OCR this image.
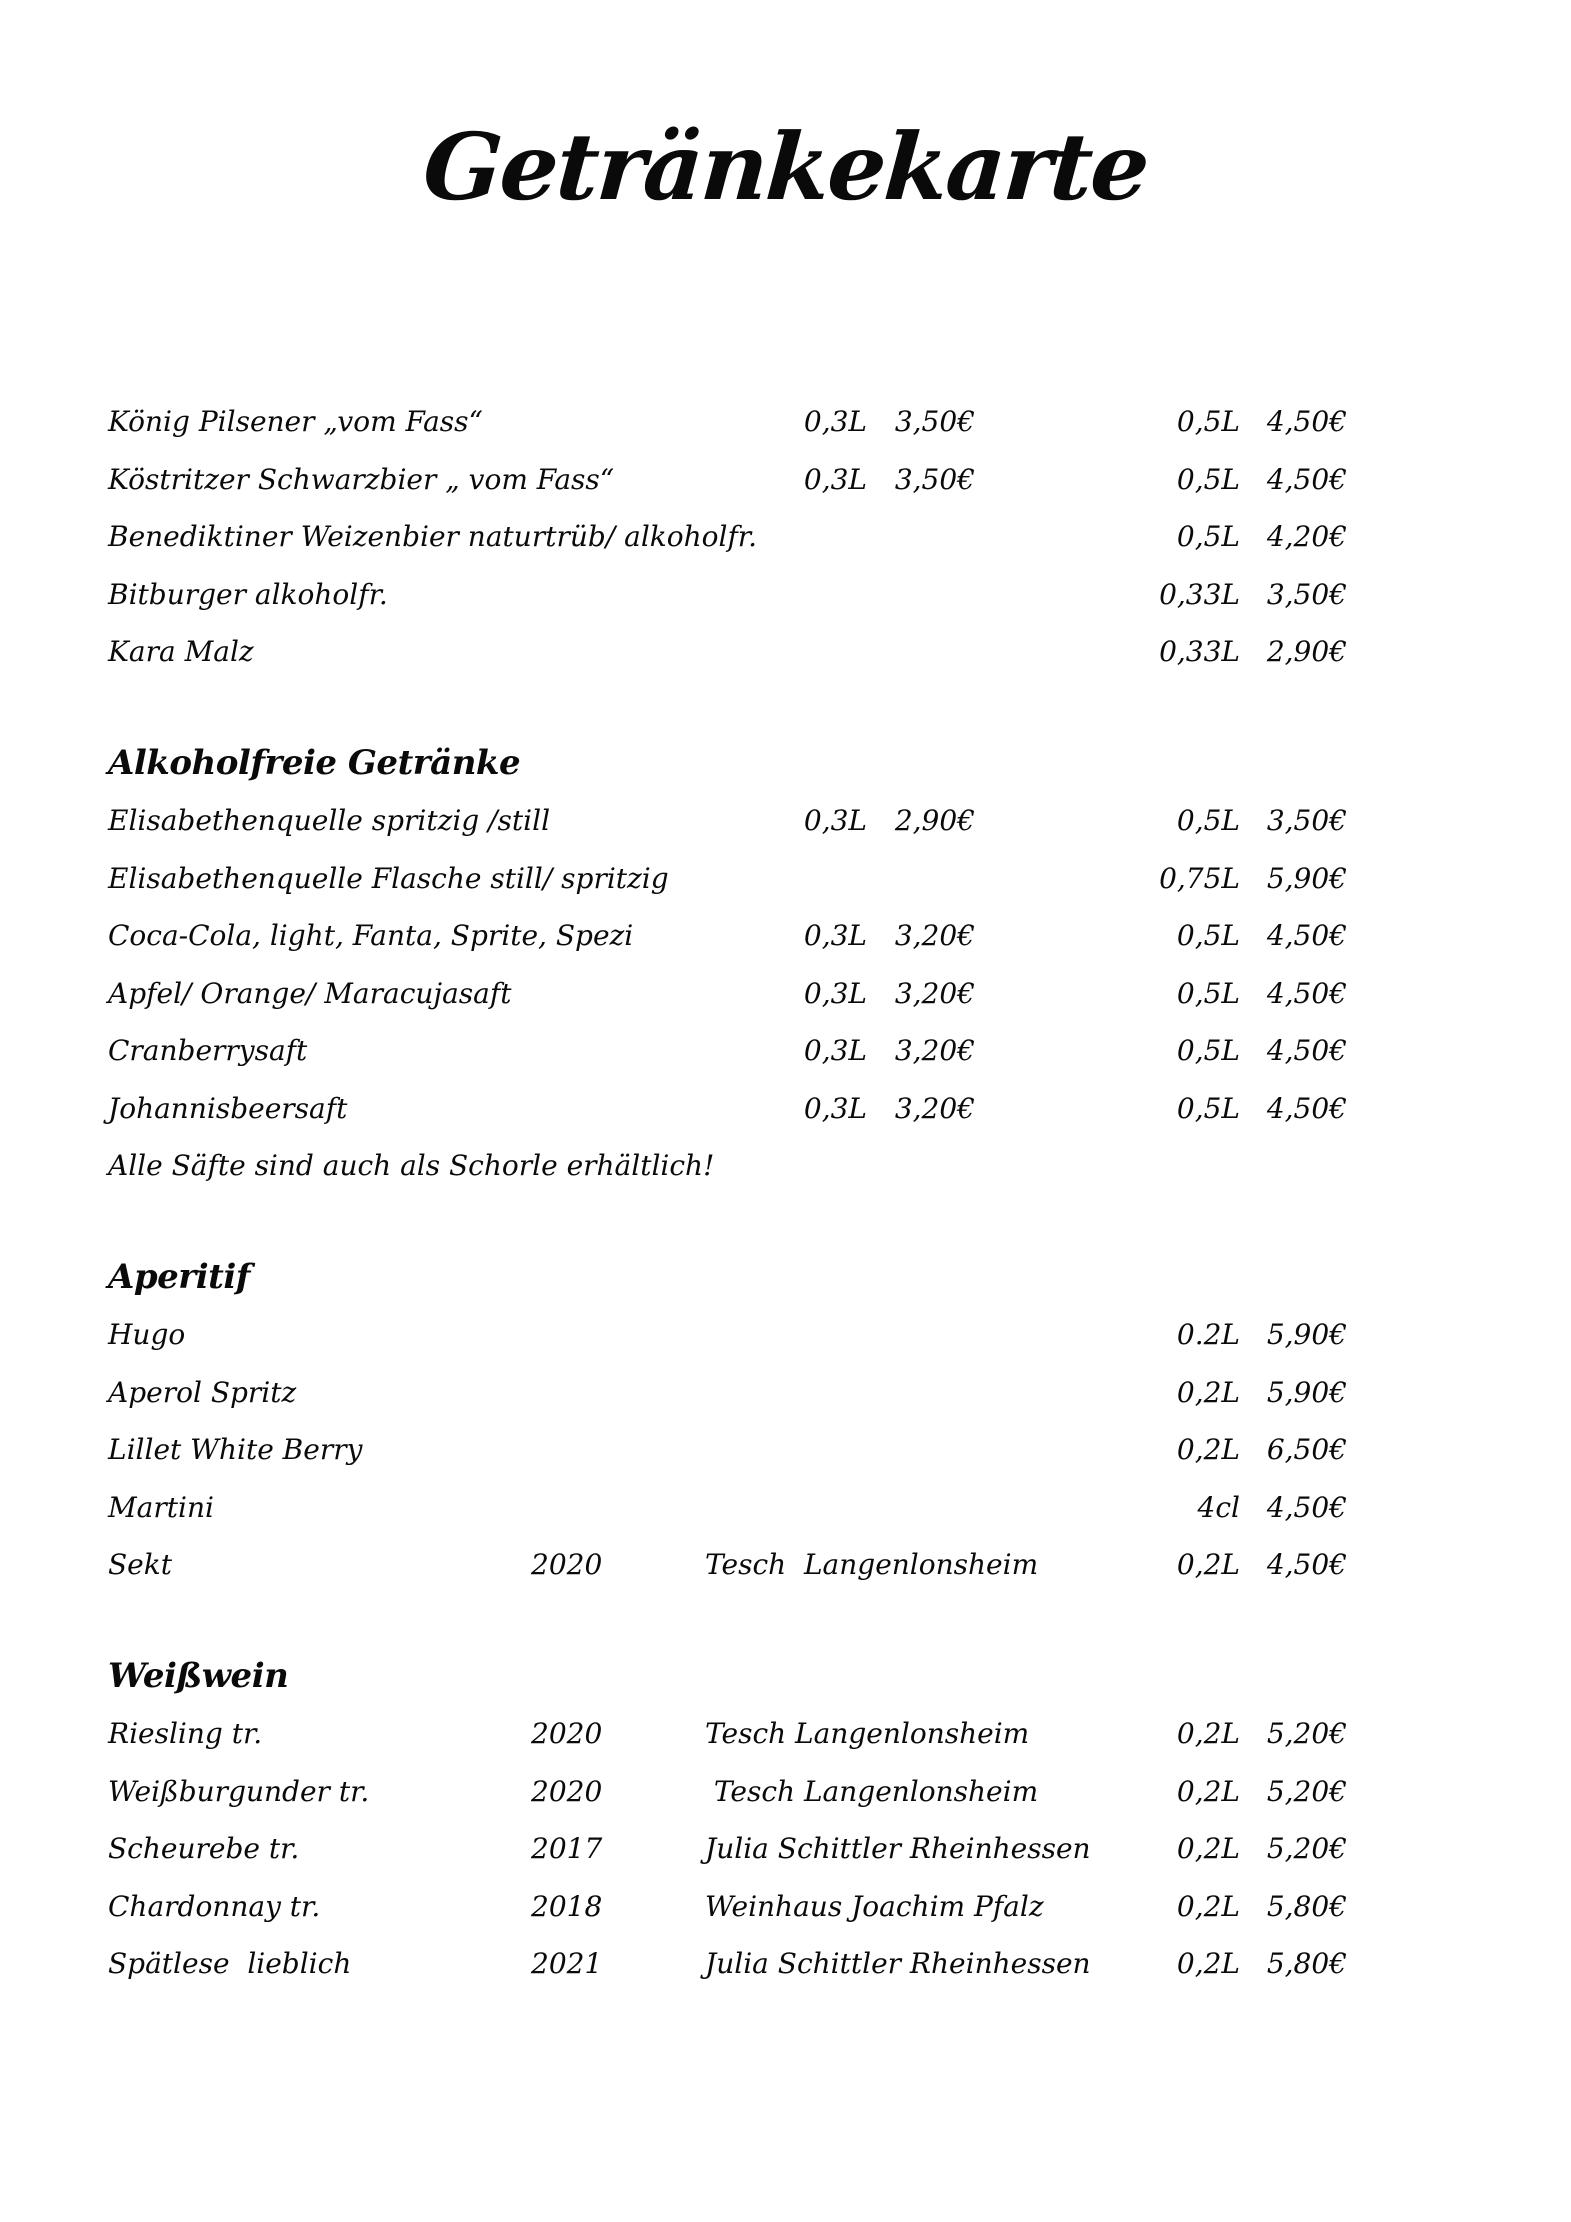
Getränkekarte
König Pilsener „vom Fass“	0,3L 3,50€	0,5L 4,50€
Köstritzer Schwarzbier „ vom Fass“	0,3L 3,50€	0,5L 4,50€
Benediktiner Weizenbier naturtrüb/ alkoholfr.	0,5L 4,20€
Bitburger alkoholfr.	0,33L 3,50€
Kara Malz	0,33L 2,90€
Alkoholfreie Getränke
Elisabethenquelle spritzig /still	0,3L 2,90€	0,5L 3,50€
Elisabethenquelle Flasche still/ spritzig	0,75L 5,90€
Coca-Cola, light, Fanta, Sprite, Spezi	0,3L 3,20€	0,5L 4,50€
Apfel/ Orange/ Maracujasaft	0,3L 3,20€	0,5L 4,50€
Cranberrysaft	0,3L 3,20€	0,5L 4,50€
Johannisbeersaft	0,3L 3,20€	0,5L 4,50€
Alle Säfte sind auch als Schorle erhältlich!
Aperitif
Hugo	0.2L 5,90€
Aperol Spritz	0,2L 5,90€
Lillet White Berry	0,2L 6,50€
Martini	4cl 4,50€
Sekt	2020	Tesch  Langenlonsheim	0,2L 4,50€
Weißwein
Riesling tr.	2020	Tesch Langenlonsheim	0,2L 5,20€
Weißburgunder tr.	2020	Tesch Langenlonsheim	0,2L 5,20€
Scheurebe tr.	2017	Julia Schittler Rheinhessen	0,2L 5,20€
Chardonnay tr.	2018	Weinhaus Joachim Pfalz	0,2L 5,80€
Spätlese  lieblich	2021	Julia Schittler Rheinhessen	0,2L 5,80€
